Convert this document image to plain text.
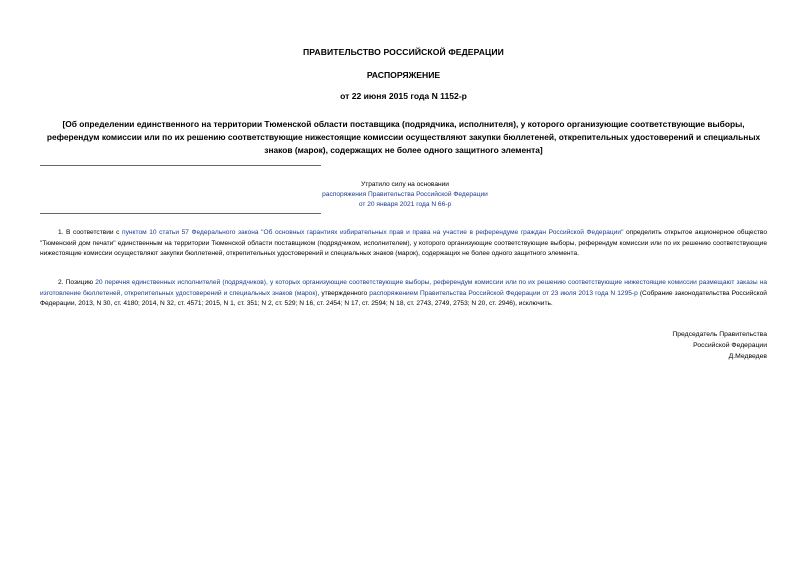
ПРАВИТЕЛЬСТВО РОССИЙСКОЙ ФЕДЕРАЦИИ
РАСПОРЯЖЕНИЕ
от 22 июня 2015 года N 1152-р
[Об определении единственного на территории Тюменской области поставщика (подрядчика, исполнителя), у которого организующие соответствующие выборы, референдум комиссии или по их решению соответствующие нижестоящие комиссии осуществляют закупки бюллетеней, открепительных удостоверений и специальных знаков (марок), содержащих не более одного защитного элемента]
Утратило силу на основании
распоряжения Правительства Российской Федерации
от 20 января 2021 года N 66-р
1. В соответствии с пунктом 10 статьи 57 Федерального закона "Об основных гарантиях избирательных прав и права на участие в референдуме граждан Российской Федерации" определить открытое акционерное общество "Тюменский дом печати" единственным на территории Тюменской области поставщиком (подрядчиком, исполнителем), у которого организующие соответствующие выборы, референдум комиссии или по их решению соответствующие нижестоящие комиссии осуществляют закупки бюллетеней, открепительных удостоверений и специальных знаков (марок), содержащих не более одного защитного элемента.
2. Позицию 20 перечня единственных исполнителей (подрядчиков), у которых организующие соответствующие выборы, референдум комиссии или по их решению соответствующие нижестоящие комиссии размещают заказы на изготовление бюллетеней, открепительных удостоверений и специальных знаков (марок), утвержденного распоряжением Правительства Российской Федерации от 23 июля 2013 года N 1295-р (Собрание законодательства Российской Федерации, 2013, N 30, ст. 4180; 2014, N 32, ст. 4571; 2015, N 1, ст. 351; N 2, ст. 529; N 16, ст. 2454; N 17, ст. 2594; N 18, ст. 2743, 2749, 2753; N 20, ст. 2946), исключить.
Председатель Правительства
Российской Федерации
Д.Медведев
